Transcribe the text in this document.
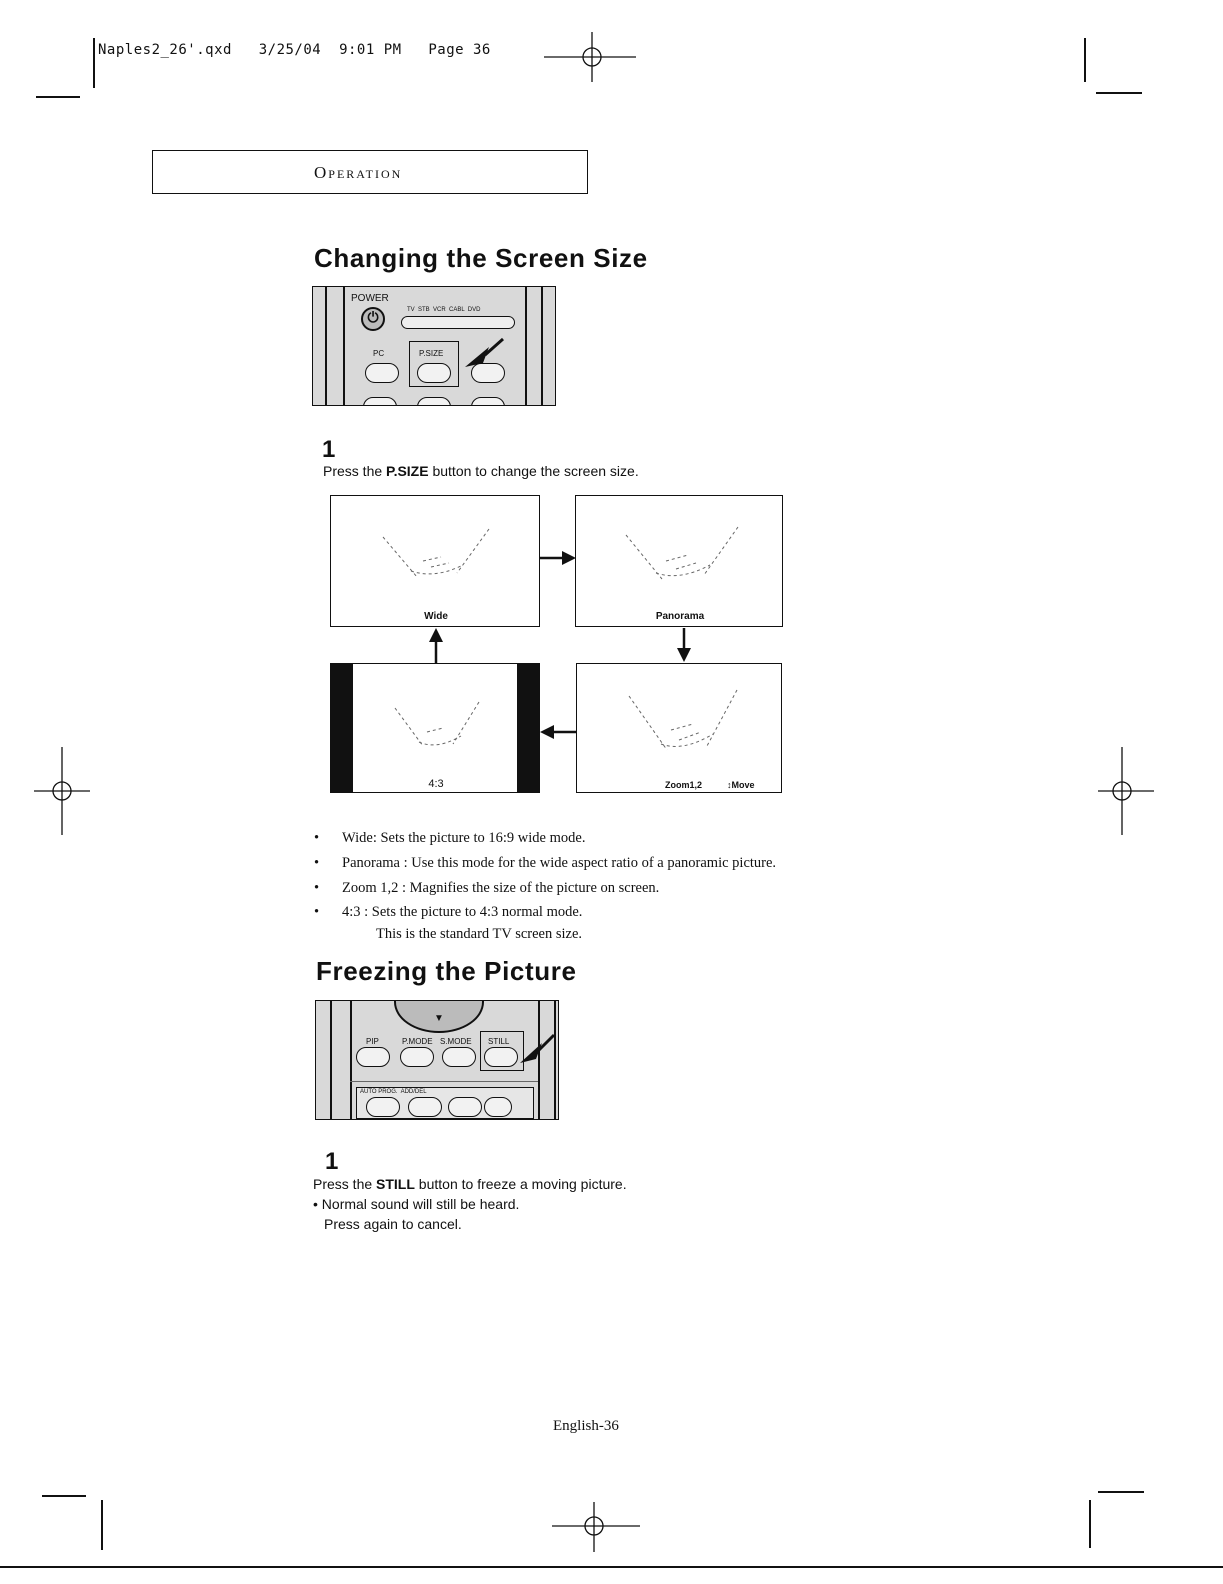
Naples2_26'.qxd   3/25/04  9:01 PM   Page 36
Operation
Changing the Screen Size
POWER
⏻
TV  STB  VCR  CABL  DVD
PC	P.SIZE
1
Press the P.SIZE button to change the screen size.
Wide	Panorama
4:3	Zoom1,2	↕Move
• Wide: Sets the picture to 16:9 wide mode.
• Panorama : Use this mode for the wide aspect ratio of a panoramic picture.
• Zoom 1,2 : Magnifies the size of the picture on screen.
• 4:3 : Sets the picture to 4:3 normal mode.
This is the standard TV screen size.
Freezing the Picture
▼
PIP	P.MODE S.MODE STILL
AUTO PROG.  ADD/DEL
1
Press the STILL button to freeze a moving picture.
• Normal sound will still be heard.
Press again to cancel.
English-36
